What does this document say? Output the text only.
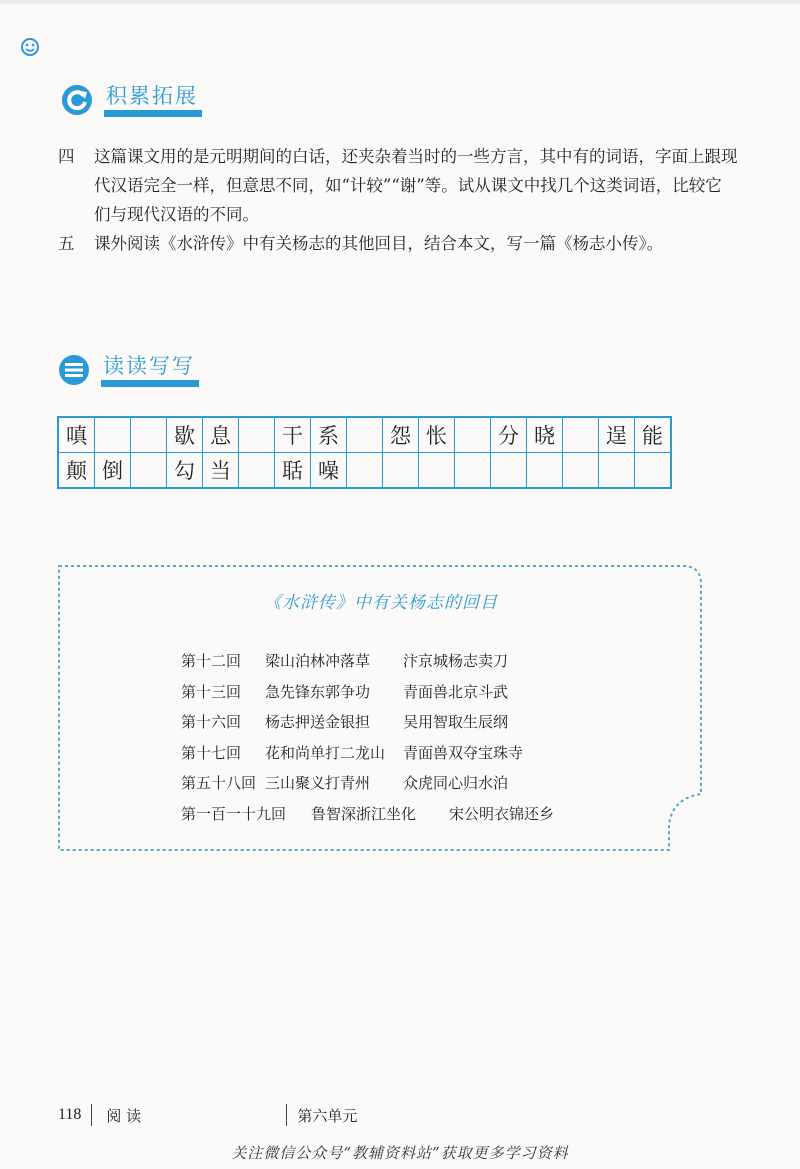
积累拓展
四	这篇课文用的是元明期间的白话，还夹杂着当时的一些方言，其中有的词语，字面上跟现代汉语完全一样，但意思不同，如“计较”“谢”等。试从课文中找几个这类词语，比较它们与现代汉语的不同。
五	课外阅读《水浒传》中有关杨志的其他回目，结合本文，写一篇《杨志小传》。
读读写写
嗔			歇	息		干	系		怨	怅		分	晓		逞	能
颠	倒		勾	当		聒	噪									
《水浒传》中有关杨志的回目
第十二回	梁山泊林冲落草	汴京城杨志卖刀
第十三回	急先锋东郭争功	青面兽北京斗武
第十六回	杨志押送金银担	吴用智取生辰纲
第十七回	花和尚单打二龙山	青面兽双夺宝珠寺
第五十八回 三山聚义打青州	众虎同心归水泊
第一百一十九回	鲁智深浙江坐化	宋公明衣锦还乡
118 阅 读	第六单元
关注微信公众号“教辅资料站”获取更多学习资料
